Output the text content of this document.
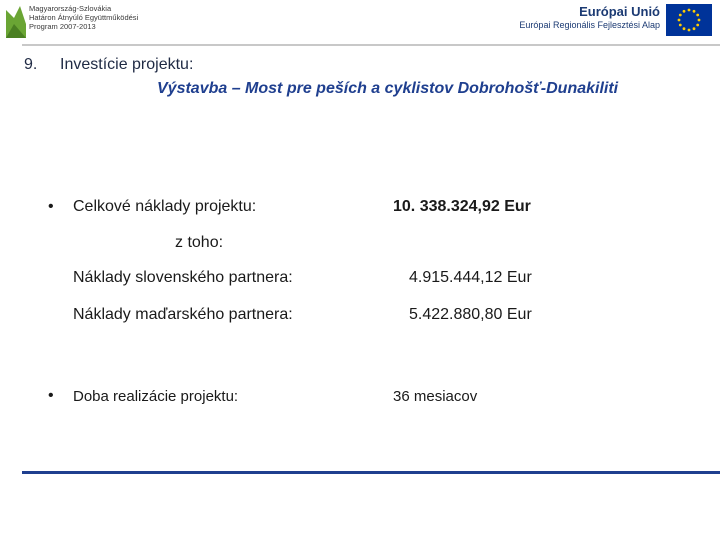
Magyarország-Szlovákia
Határon Átnyúló Együttműködési
Program 2007-2013
Európai Unió
Európai Regionális Fejlesztési Alap
9. Investície projektu:
Výstavba – Most pre peších a cyklistov Dobrohošť-Dunakiliti
• Celkové náklady projektu:	10. 338.324,92 Eur
z toho:
Náklady slovenského partnera:	4.915.444,12 Eur
Náklady maďarského partnera:	5.422.880,80 Eur
• Doba realizácie projektu:	36 mesiacov
